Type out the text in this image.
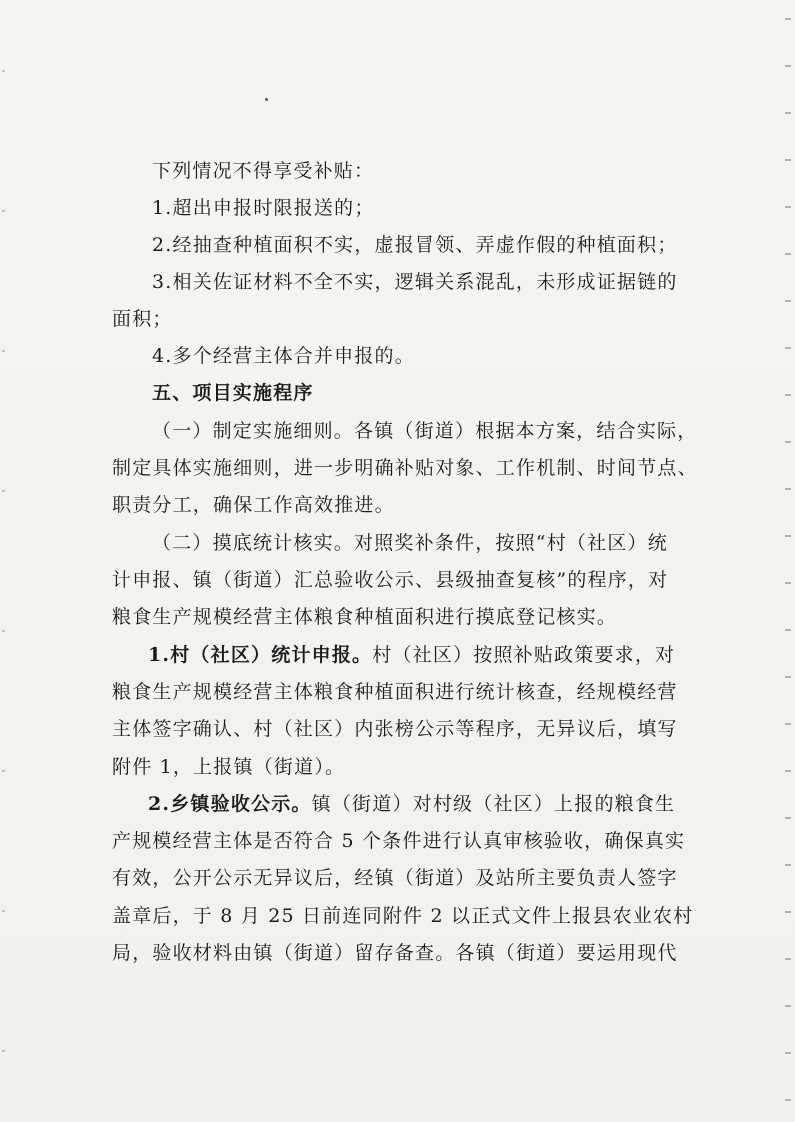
下列情况不得享受补贴：
1.超出申报时限报送的；
2.经抽查种植面积不实，虚报冒领、弄虚作假的种植面积；
3.相关佐证材料不全不实，逻辑关系混乱，未形成证据链的
面积；
4.多个经营主体合并申报的。
五、项目实施程序
（一）制定实施细则。各镇（街道）根据本方案，结合实际，
制定具体实施细则，进一步明确补贴对象、工作机制、时间节点、
职责分工，确保工作高效推进。
（二）摸底统计核实。对照奖补条件，按照“村（社区）统
计申报、镇（街道）汇总验收公示、县级抽查复核”的程序，对
粮食生产规模经营主体粮食种植面积进行摸底登记核实。
1.村（社区）统计申报。村（社区）按照补贴政策要求，对
粮食生产规模经营主体粮食种植面积进行统计核查，经规模经营
主体签字确认、村（社区）内张榜公示等程序，无异议后，填写
附件 1，上报镇（街道）。
2.乡镇验收公示。镇（街道）对村级（社区）上报的粮食生
产规模经营主体是否符合 5 个条件进行认真审核验收，确保真实
有效，公开公示无异议后，经镇（街道）及站所主要负责人签字
盖章后，于 8 月 25 日前连同附件 2 以正式文件上报县农业农村
局，验收材料由镇（街道）留存备查。各镇（街道）要运用现代
